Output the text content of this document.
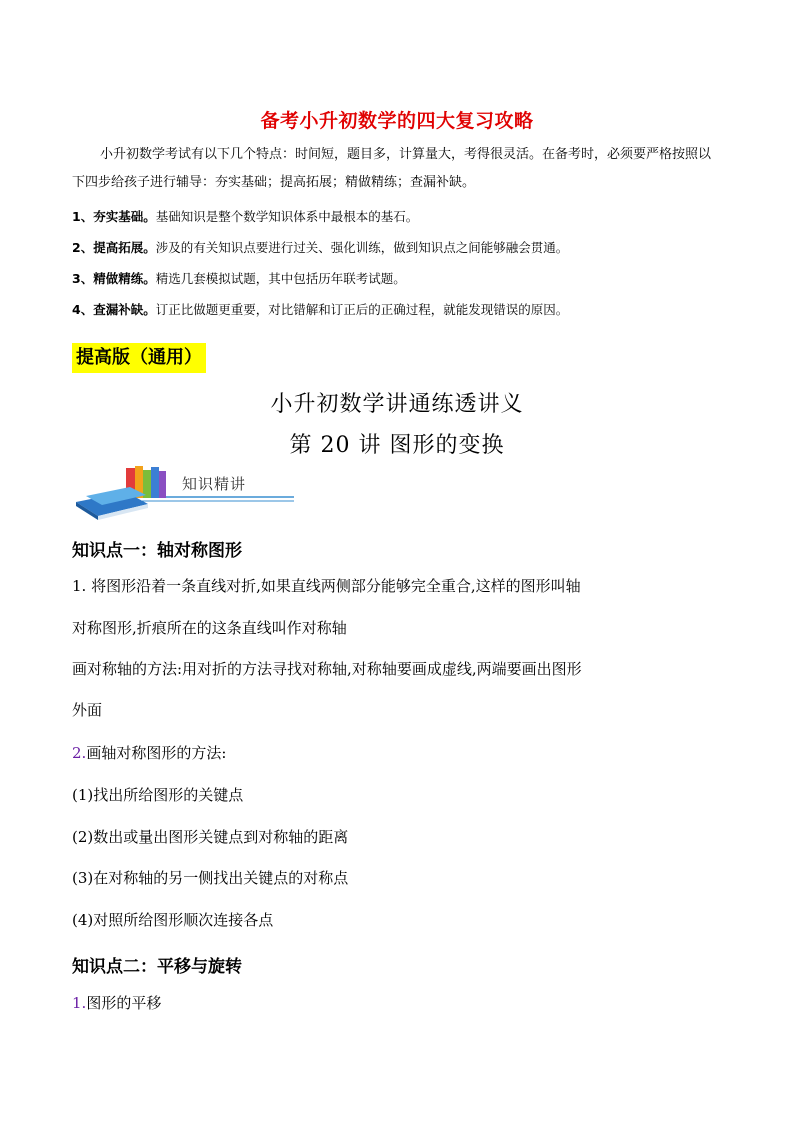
备考小升初数学的四大复习攻略
小升初数学考试有以下几个特点：时间短，题目多，计算量大，考得很灵活。在备考时，必须要严格按照以下四步给孩子进行辅导：夯实基础；提高拓展；精做精练；查漏补缺。
1、夯实基础。基础知识是整个数学知识体系中最根本的基石。
2、提高拓展。涉及的有关知识点要进行过关、强化训练，做到知识点之间能够融会贯通。
3、精做精练。精选几套模拟试题，其中包括历年联考试题。
4、查漏补缺。订正比做题更重要，对比错解和订正后的正确过程，就能发现错误的原因。
提高版（通用）
小升初数学讲通练透讲义
第 20 讲 图形的变换
知识精讲
知识点一：轴对称图形
1. 将图形沿着一条直线对折,如果直线两侧部分能够完全重合,这样的图形叫轴
对称图形,折痕所在的这条直线叫作对称轴
画对称轴的方法:用对折的方法寻找对称轴,对称轴要画成虚线,两端要画出图形
外面
2.画轴对称图形的方法:
(1)找出所给图形的关键点
(2)数出或量出图形关键点到对称轴的距离
(3)在对称轴的另一侧找出关键点的对称点
(4)对照所给图形顺次连接各点
知识点二：平移与旋转
1.图形的平移
